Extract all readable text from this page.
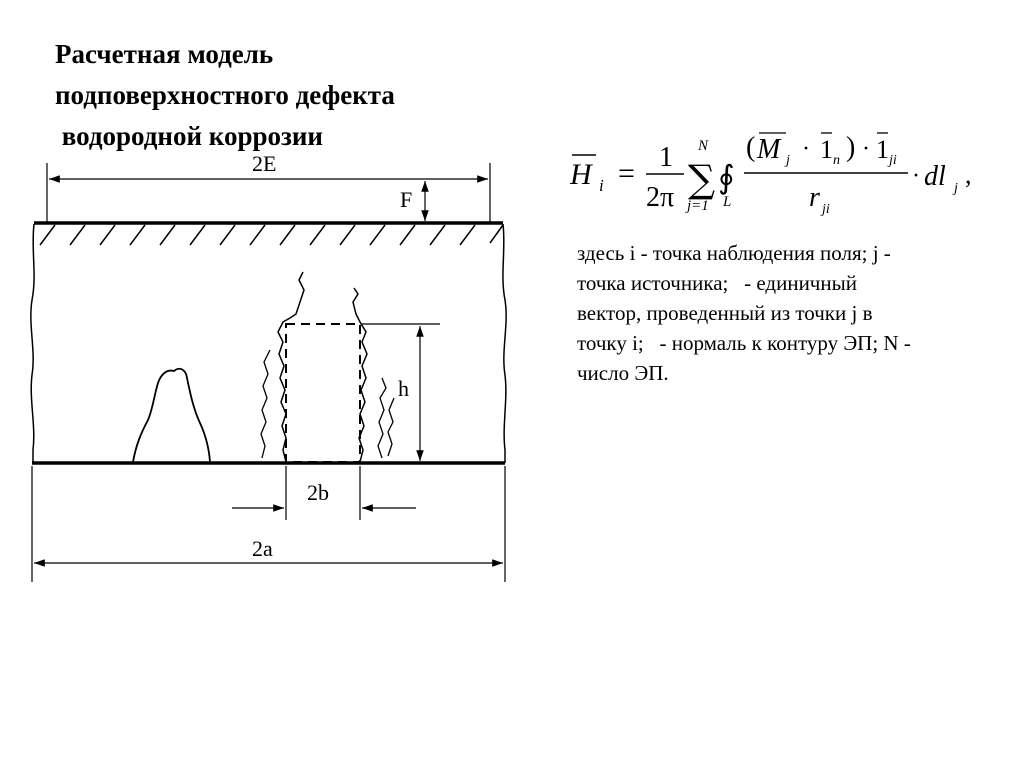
Расчетная модель
подповерхностного дефекта
водородной коррозии
2E
F
h
2b
2a
H i = 1
2π
N
∑
j=1
∮
L
( M j · 1 n ) · 1 ji
r ji
· dl j ,
здесь i - точка наблюдения поля; j -
точка источника;   - единичный
вектор, проведенный из точки j в
точку i;   - нормаль к контуру ЭП; N -
число ЭП.
